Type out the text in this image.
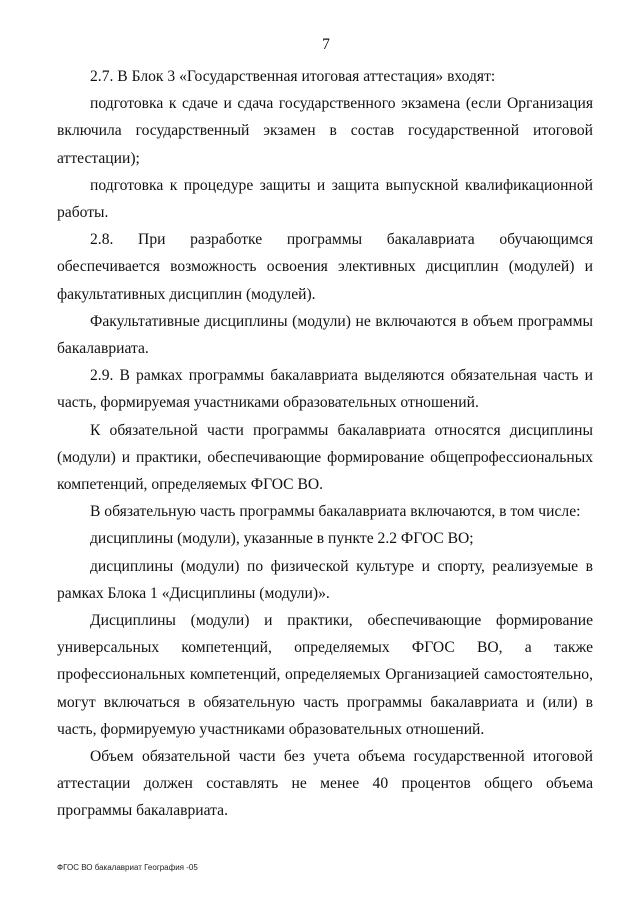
7

2.7. В Блок 3 «Государственная итоговая аттестация» входят:

подготовка к сдаче и сдача государственного экзамена (если Организация включила государственный экзамен в состав государственной итоговой аттестации);

подготовка к процедуре защиты и защита выпускной квалификационной работы.

2.8. При разработке программы бакалавриата обучающимся обеспечивается возможность освоения элективных дисциплин (модулей) и факультативных дисциплин (модулей).

Факультативные дисциплины (модули) не включаются в объем программы бакалавриата.

2.9. В рамках программы бакалавриата выделяются обязательная часть и часть, формируемая участниками образовательных отношений.

К обязательной части программы бакалавриата относятся дисциплины (модули) и практики, обеспечивающие формирование общепрофессиональных компетенций, определяемых ФГОС ВО.

В обязательную часть программы бакалавриата включаются, в том числе:

дисциплины (модули), указанные в пункте 2.2 ФГОС ВО;

дисциплины (модули) по физической культуре и спорту, реализуемые в рамках Блока 1 «Дисциплины (модули)».

Дисциплины (модули) и практики, обеспечивающие формирование универсальных компетенций, определяемых ФГОС ВО, а также профессиональных компетенций, определяемых Организацией самостоятельно, могут включаться в обязательную часть программы бакалавриата и (или) в часть, формируемую участниками образовательных отношений.

Объем обязательной части без учета объема государственной итоговой аттестации должен составлять не менее 40 процентов общего объема программы бакалавриата.

ФГОС ВО бакалавриат География -05
